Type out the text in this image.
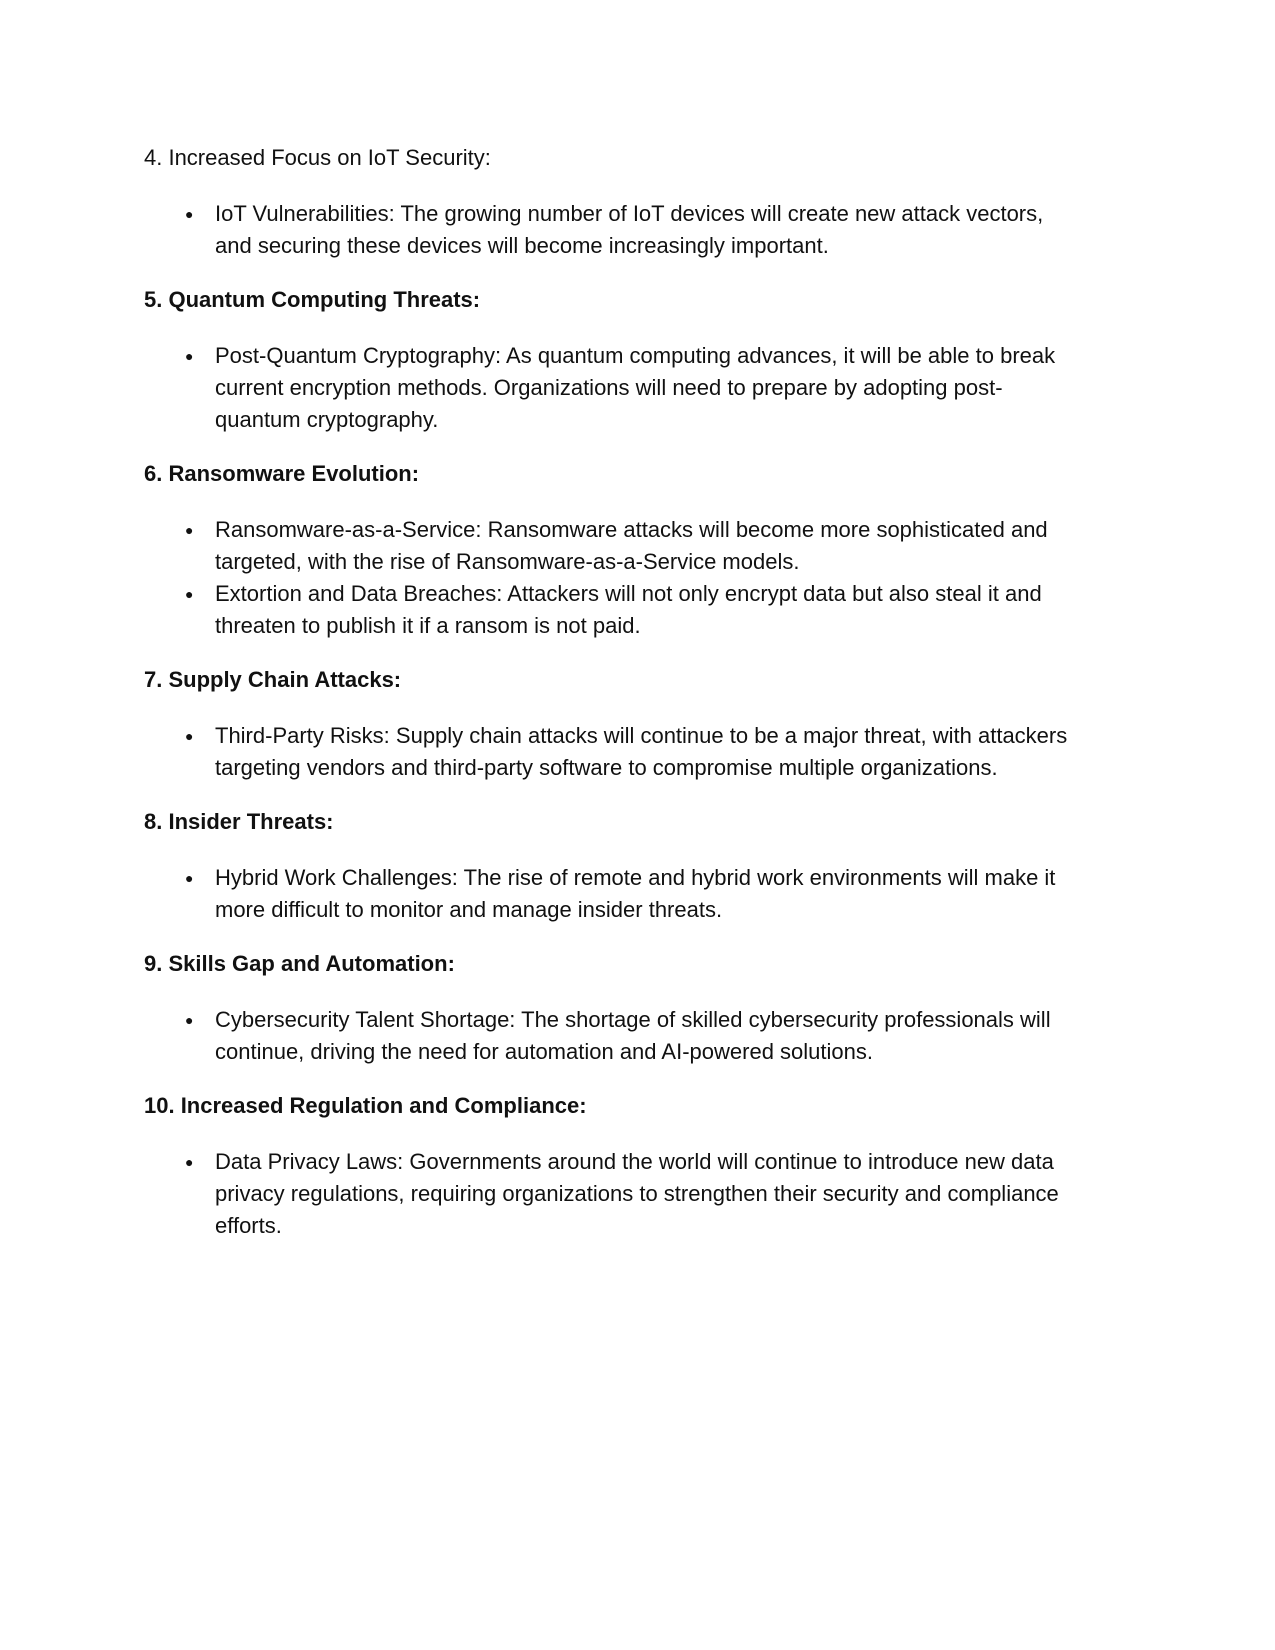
4. Increased Focus on IoT Security:

● IoT Vulnerabilities: The growing number of IoT devices will create new attack vectors, and securing these devices will become increasingly important.

5. Quantum Computing Threats:

● Post-Quantum Cryptography: As quantum computing advances, it will be able to break current encryption methods. Organizations will need to prepare by adopting post-quantum cryptography.

6. Ransomware Evolution:

● Ransomware-as-a-Service: Ransomware attacks will become more sophisticated and targeted, with the rise of Ransomware-as-a-Service models.
● Extortion and Data Breaches: Attackers will not only encrypt data but also steal it and threaten to publish it if a ransom is not paid.

7. Supply Chain Attacks:

● Third-Party Risks: Supply chain attacks will continue to be a major threat, with attackers targeting vendors and third-party software to compromise multiple organizations.

8. Insider Threats:

● Hybrid Work Challenges: The rise of remote and hybrid work environments will make it more difficult to monitor and manage insider threats.

9. Skills Gap and Automation:

● Cybersecurity Talent Shortage: The shortage of skilled cybersecurity professionals will continue, driving the need for automation and AI-powered solutions.

10. Increased Regulation and Compliance:

● Data Privacy Laws: Governments around the world will continue to introduce new data privacy regulations, requiring organizations to strengthen their security and compliance efforts.
